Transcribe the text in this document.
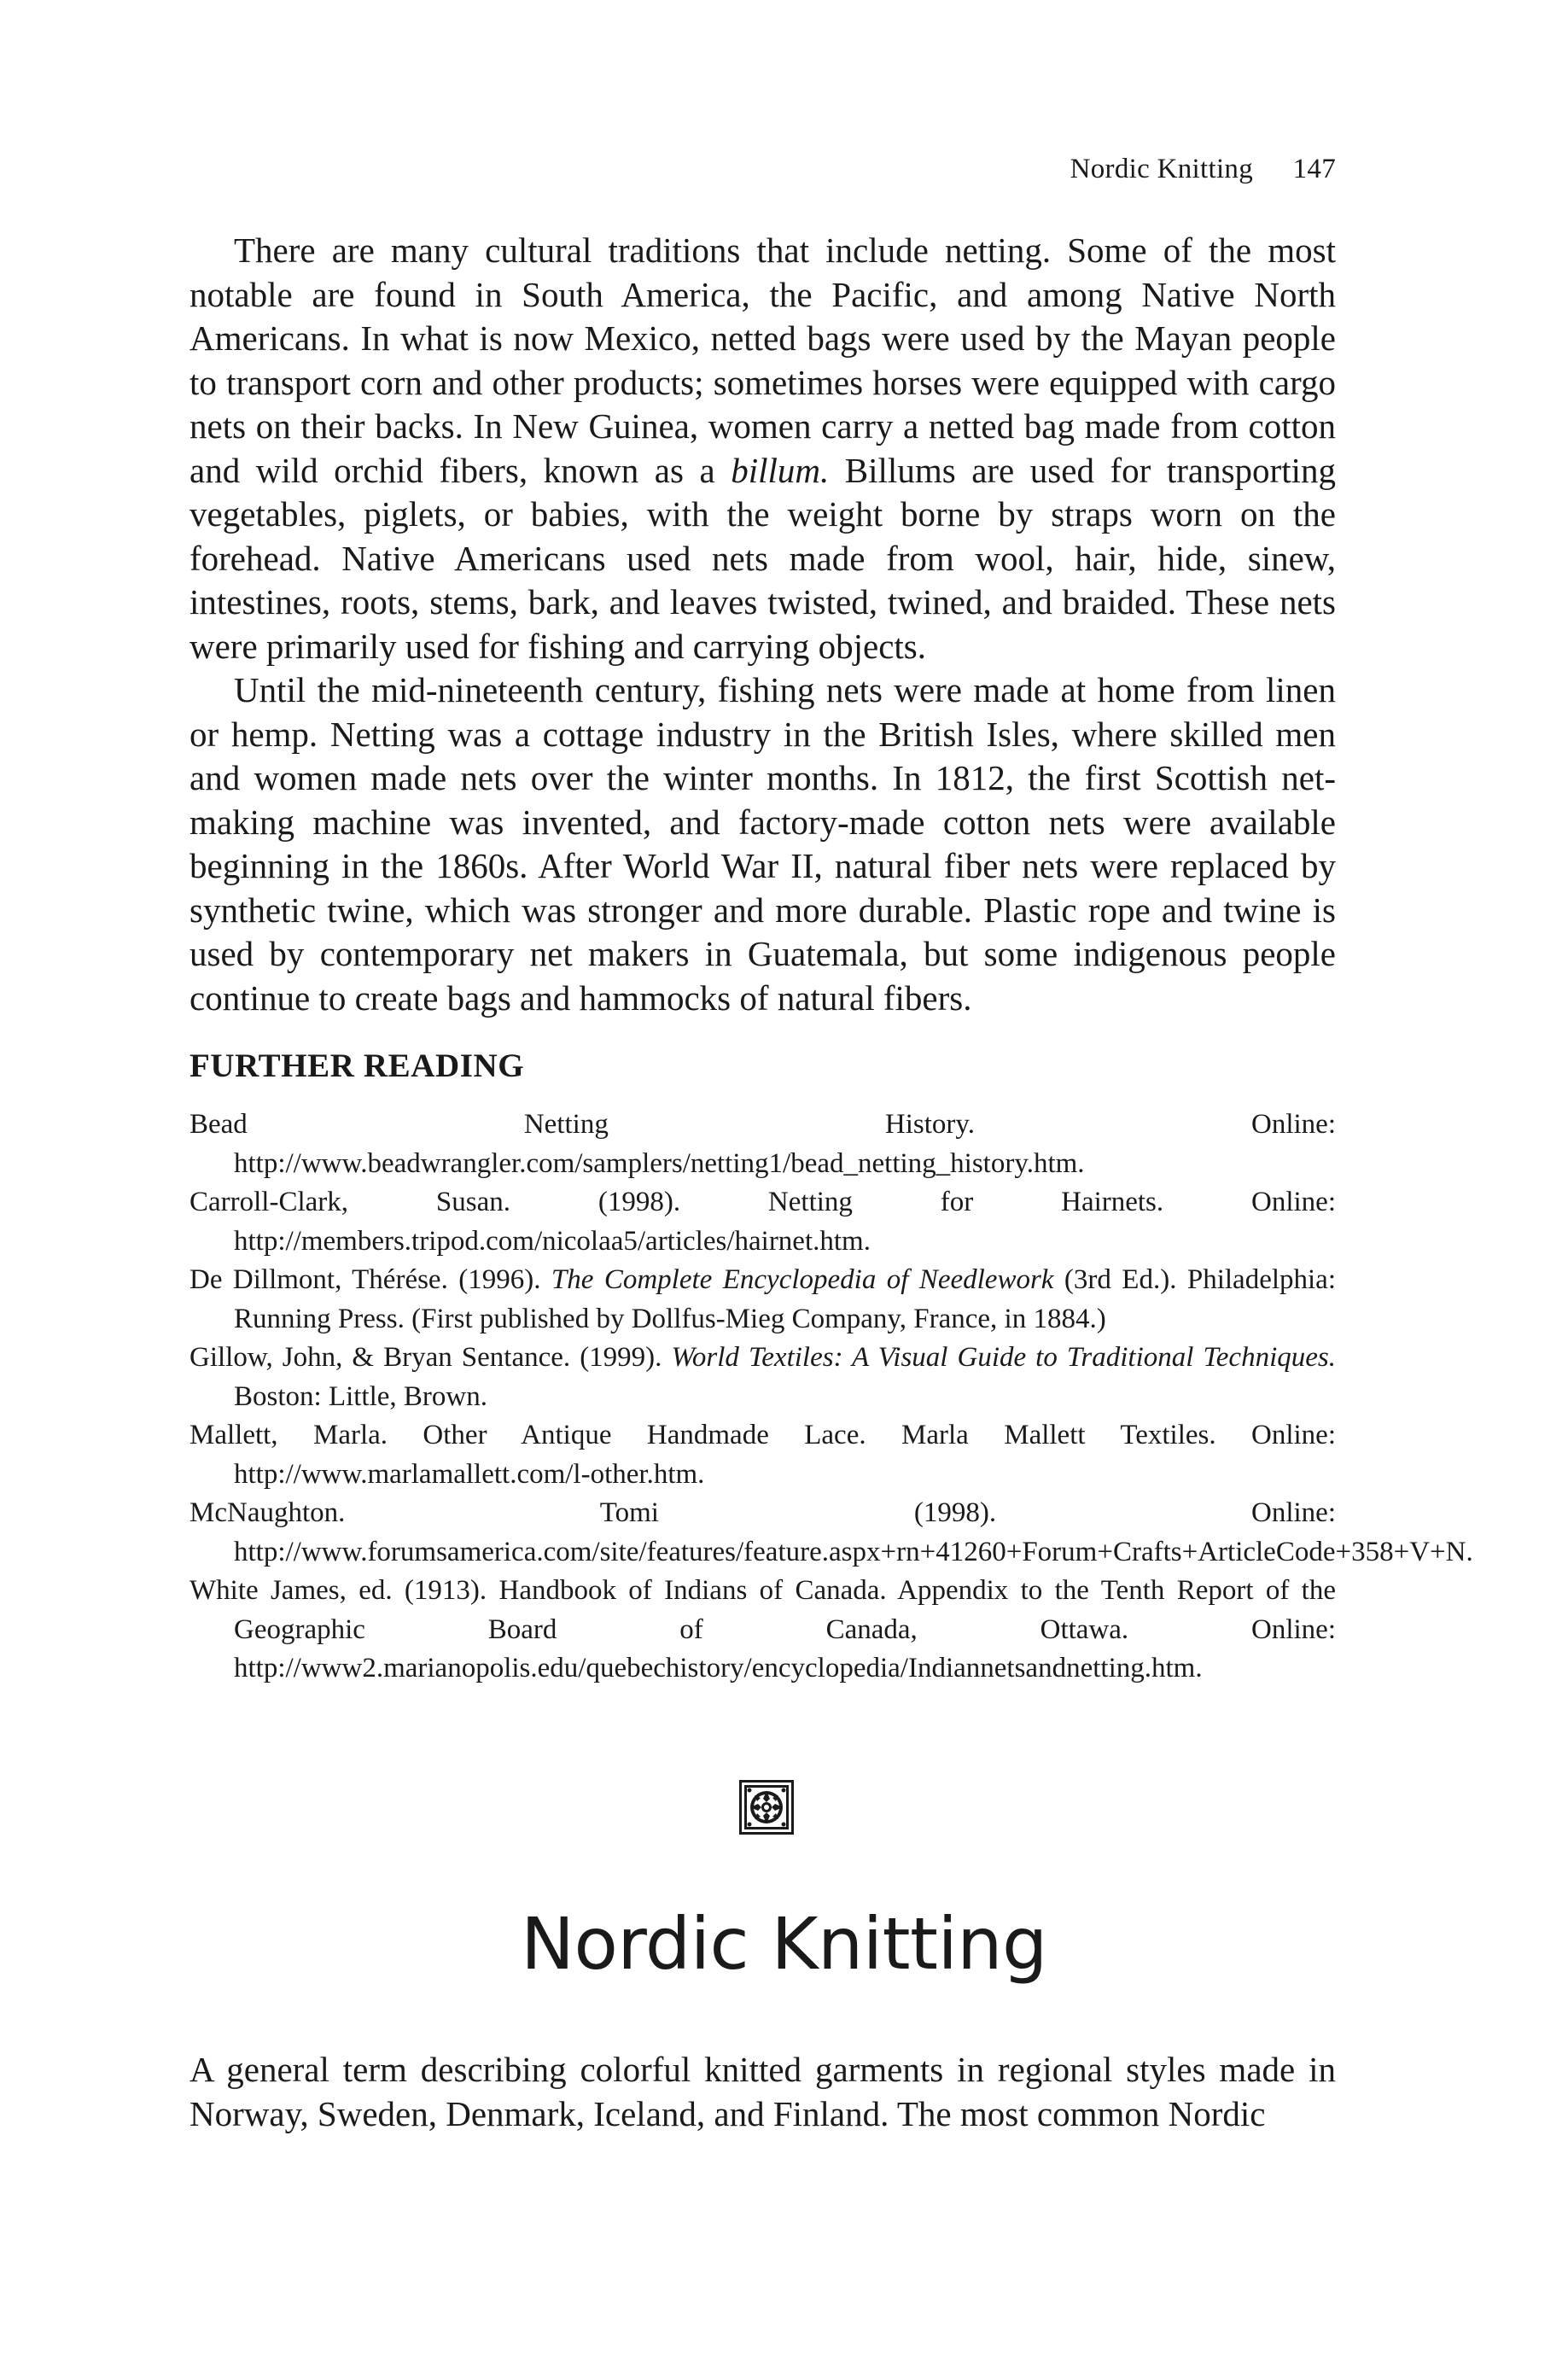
Nordic Knitting 147

There are many cultural traditions that include netting. Some of the most notable are found in South America, the Pacific, and among Native North Americans. In what is now Mexico, netted bags were used by the Mayan people to transport corn and other products; sometimes horses were equipped with cargo nets on their backs. In New Guinea, women carry a netted bag made from cotton and wild orchid fibers, known as a billum. Billums are used for transporting vegetables, piglets, or babies, with the weight borne by straps worn on the forehead. Native Americans used nets made from wool, hair, hide, sinew, intestines, roots, stems, bark, and leaves twisted, twined, and braided. These nets were primarily used for fishing and carrying objects.

Until the mid-nineteenth century, fishing nets were made at home from linen or hemp. Netting was a cottage industry in the British Isles, where skilled men and women made nets over the winter months. In 1812, the first Scottish net-making machine was invented, and factory-made cotton nets were available beginning in the 1860s. After World War II, natural fiber nets were replaced by synthetic twine, which was stronger and more durable. Plastic rope and twine is used by contemporary net makers in Guatemala, but some indigenous people continue to create bags and hammocks of natural fibers.

FURTHER READING

Bead Netting History. Online: http://www.beadwrangler.com/samplers/netting1/bead_netting_history.htm.

Carroll-Clark, Susan. (1998). Netting for Hairnets. Online: http://members.tripod.com/nicolaa5/articles/hairnet.htm.

De Dillmont, Thérése. (1996). The Complete Encyclopedia of Needlework (3rd Ed.). Philadelphia: Running Press. (First published by Dollfus-Mieg Company, France, in 1884.)

Gillow, John, & Bryan Sentance. (1999). World Textiles: A Visual Guide to Traditional Techniques. Boston: Little, Brown.

Mallett, Marla. Other Antique Handmade Lace. Marla Mallett Textiles. Online: http://www.marlamallett.com/l-other.htm.

McNaughton. Tomi (1998). Online: http://www.forumsamerica.com/site/features/feature.aspx+rn+41260+Forum+Crafts+ArticleCode+358+V+N.

White James, ed. (1913). Handbook of Indians of Canada. Appendix to the Tenth Report of the Geographic Board of Canada, Ottawa. Online: http://www2.marianopolis.edu/quebechistory/encyclopedia/Indiannetsandnetting.htm.

Nordic Knitting

A general term describing colorful knitted garments in regional styles made in Norway, Sweden, Denmark, Iceland, and Finland. The most common Nordic
